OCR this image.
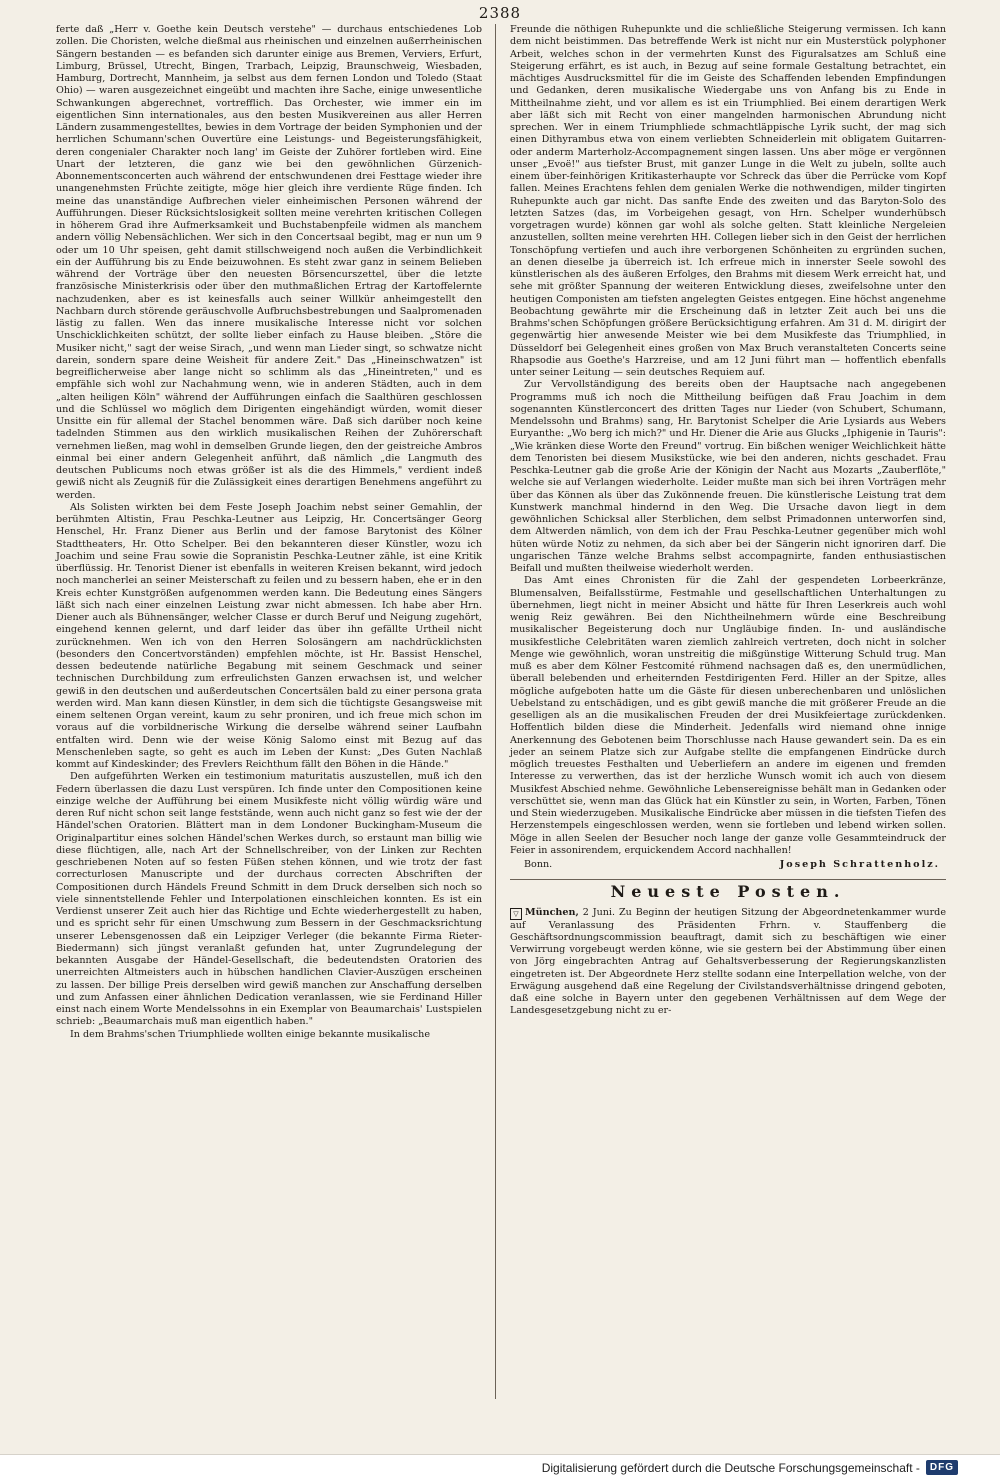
2388

ferte daß „Herr v. Goethe kein Deutsch verstehe" — durchaus entschiedenes Lob zollen. Die Choristen, welche dießmal aus rheinischen und einzelnen außerrheinischen Sängern bestanden — es befanden sich darunter einige aus Bremen, Verviers, Erfurt, Limburg, Brüssel, Utrecht, Bingen, Trarbach, Leipzig, Braunschweig, Wiesbaden, Hamburg, Dortrecht, Mannheim, ja selbst aus dem fernen London und Toledo (Staat Ohio) — waren ausgezeichnet eingeübt und machten ihre Sache, einige unwesentliche Schwankungen abgerechnet, vortrefflich. Das Orchester, wie immer ein im eigentlichen Sinn internationales, aus den besten Musikvereinen aus aller Herren Ländern zusammengestelltes, bewies in dem Vortrage der beiden Symphonien und der herrlichen Schumann'schen Ouvertüre eine Leistungs- und Begeisterungsfähigkeit, deren congenialer Charakter noch lang' im Geiste der Zuhörer fortleben wird. Eine Unart der letzteren, die ganz wie bei den gewöhnlichen Gürzenich-Abonnementsconcerten auch während der entschwundenen drei Festtage wieder ihre unangenehmsten Früchte zeitigte, möge hier gleich ihre verdiente Rüge finden. Ich meine das unanständige Aufbrechen vieler einheimischen Personen während der Aufführungen. Dieser Rücksichtslosigkeit sollten meine verehrten kritischen Collegen in höherem Grad ihre Aufmerksamkeit und Buchstabenpfeile widmen als manchem andern völlig Nebensächlichen. Wer sich in den Concertsaal begibt, mag er nun um 9 oder um 10 Uhr speisen, geht damit stillschweigend noch außen die Verbindlichkeit ein der Aufführung bis zu Ende beizuwohnen. Es steht zwar ganz in seinem Belieben während der Vorträge über den neuesten Börsencurszettel, über die letzte französische Ministerkrisis oder über den muthmaßlichen Ertrag der Kartoffelernte nachzudenken, aber es ist keinesfalls auch seiner Willkür anheimgestellt den Nachbarn durch störende geräuschvolle Aufbruchsbestrebungen und Saalpromenaden lästig zu fallen. Wen das innere musikalische Interesse nicht vor solchen Unschicklichkeiten schützt, der sollte lieber einfach zu Hause bleiben. „Störe die Musiker nicht," sagt der weise Sirach, „und wenn man Lieder singt, so schwatze nicht darein, sondern spare deine Weisheit für andere Zeit." Das „Hineinschwatzen" ist begreiflicherweise aber lange nicht so schlimm als das „Hineintreten," und es empfähle sich wohl zur Nachahmung wenn, wie in anderen Städten, auch in dem „alten heiligen Köln" während der Aufführungen einfach die Saalthüren geschlossen und die Schlüssel wo möglich dem Dirigenten eingehändigt würden, womit dieser Unsitte ein für allemal der Stachel benommen wäre. Daß sich darüber noch keine tadelnden Stimmen aus den wirklich musikalischen Reihen der Zuhörerschaft vernehmen ließen, mag wohl in demselben Grunde liegen, den der geistreiche Ambros einmal bei einer andern Gelegenheit anführt, daß nämlich „die Langmuth des deutschen Publicums noch etwas größer ist als die des Himmels," verdient indeß gewiß nicht als Zeugniß für die Zulässigkeit eines derartigen Benehmens angeführt zu werden.

Als Solisten wirkten bei dem Feste Joseph Joachim nebst seiner Gemahlin, der berühmten Altistin, Frau Peschka-Leutner aus Leipzig, Hr. Concertsänger Georg Henschel, Hr. Franz Diener aus Berlin und der famose Barytonist des Kölner Stadttheaters, Hr. Otto Schelper. Bei den bekannteren dieser Künstler, wozu ich Joachim und seine Frau sowie die Sopranistin Peschka-Leutner zähle, ist eine Kritik überflüssig. Hr. Tenorist Diener ist ebenfalls in weiteren Kreisen bekannt, wird jedoch noch mancherlei an seiner Meisterschaft zu feilen und zu bessern haben, ehe er in den Kreis echter Kunstgrößen aufgenommen werden kann. Die Bedeutung eines Sängers läßt sich nach einer einzelnen Leistung zwar nicht abmessen. Ich habe aber Hrn. Diener auch als Bühnensänger, welcher Classe er durch Beruf und Neigung zugehört, eingehend kennen gelernt, und darf leider das über ihn gefällte Urtheil nicht zurücknehmen. Wen ich von den Herren Solosängern am nachdrücklichsten (besonders den Concertvorständen) empfehlen möchte, ist Hr. Bassist Henschel, dessen bedeutende natürliche Begabung mit seinem Geschmack und seiner technischen Durchbildung zum erfreulichsten Ganzen erwachsen ist, und welcher gewiß in den deutschen und außerdeutschen Concertsälen bald zu einer persona grata werden wird. Man kann diesen Künstler, in dem sich die tüchtigste Gesangsweise mit einem seltenen Organ vereint, kaum zu sehr proniren, und ich freue mich schon im voraus auf die vorbildnerische Wirkung die derselbe während seiner Laufbahn entfalten wird. Denn wie der weise König Salomo einst mit Bezug auf das Menschenleben sagte, so geht es auch im Leben der Kunst: „Des Guten Nachlaß kommt auf Kindeskinder; des Frevlers Reichthum fällt den Böhen in die Hände."

Den aufgeführten Werken ein testimonium maturitatis auszustellen, muß ich den Federn überlassen die dazu Lust verspüren. Ich finde unter den Compositionen keine einzige welche der Aufführung bei einem Musikfeste nicht völlig würdig wäre und deren Ruf nicht schon seit lange feststände, wenn auch nicht ganz so fest wie der der Händel'schen Oratorien. Blättert man in dem Londoner Buckingham-Museum die Originalpartitur eines solchen Händel'schen Werkes durch, so erstaunt man billig wie diese flüchtigen, alle, nach Art der Schnellschreiber, von der Linken zur Rechten geschriebenen Noten auf so festen Füßen stehen können, und wie trotz der fast correcturlosen Manuscripte und der durchaus correcten Abschriften der Compositionen durch Händels Freund Schmitt in dem Druck derselben sich noch so viele sinnentstellende Fehler und Interpolationen einschleichen konnten. Es ist ein Verdienst unserer Zeit auch hier das Richtige und Echte wiederhergestellt zu haben, und es spricht sehr für einen Umschwung zum Bessern in der Geschmacksrichtung unserer Lebensgenossen daß ein Leipziger Verleger (die bekannte Firma Rieter-Biedermann) sich jüngst veranlaßt gefunden hat, unter Zugrundelegung der bekannten Ausgabe der Händel-Gesellschaft, die bedeutendsten Oratorien des unerreichten Altmeisters auch in hübschen handlichen Clavier-Auszügen erscheinen zu lassen. Der billige Preis derselben wird gewiß manchen zur Anschaffung derselben und zum Anfassen einer ähnlichen Dedication veranlassen, wie sie Ferdinand Hiller einst nach einem Worte Mendelssohns in ein Exemplar von Beaumarchais' Lustspielen schrieb: „Beaumarchais muß man eigentlich haben."

In dem Brahms'schen Triumphliede wollten einige bekannte musikalische

Freunde die nöthigen Ruhepunkte und die schließliche Steigerung vermissen. Ich kann dem nicht beistimmen. Das betreffende Werk ist nicht nur ein Musterstück polyphoner Arbeit, welches schon in der vermehrten Kunst des Figuralsatzes am Schluß eine Steigerung erfährt, es ist auch, in Bezug auf seine formale Gestaltung betrachtet, ein mächtiges Ausdrucksmittel für die im Geiste des Schaffenden lebenden Empfindungen und Gedanken, deren musikalische Wiedergabe uns von Anfang bis zu Ende in Mittheilnahme zieht, und vor allem es ist ein Triumphlied. Bei einem derartigen Werk aber läßt sich mit Recht von einer mangelnden harmonischen Abrundung nicht sprechen. Wer in einem Triumphliede schmachtläppische Lyrik sucht, der mag sich einen Dithyrambus etwa von einem verliebten Schneiderlein mit obligatem Guitarren- oder anderm Marterholz-Accompagnement singen lassen. Uns aber möge er vergönnen unser „Evoë!" aus tiefster Brust, mit ganzer Lunge in die Welt zu jubeln, sollte auch einem über-feinhörigen Kritikasterhaupte vor Schreck das über die Perrücke vom Kopf fallen. Meines Erachtens fehlen dem genialen Werke die nothwendigen, milder tingirten Ruhepunkte auch gar nicht. Das sanfte Ende des zweiten und das Baryton-Solo des letzten Satzes (das, im Vorbeigehen gesagt, von Hrn. Schelper wunderhübsch vorgetragen wurde) können gar wohl als solche gelten. Statt kleinliche Nergeleien anzustellen, sollten meine verehrten HH. Collegen lieber sich in den Geist der herrlichen Tonschöpfung vertiefen und auch ihre verborgenen Schönheiten zu ergründen suchen, an denen dieselbe ja überreich ist. Ich erfreue mich in innerster Seele sowohl des künstlerischen als des äußeren Erfolges, den Brahms mit diesem Werk erreicht hat, und sehe mit größter Spannung der weiteren Entwicklung dieses, zweifelsohne unter den heutigen Componisten am tiefsten angelegten Geistes entgegen. Eine höchst angenehme Beobachtung gewährte mir die Erscheinung daß in letzter Zeit auch bei uns die Brahms'schen Schöpfungen größere Berücksichtigung erfahren. Am 31 d. M. dirigirt der gegenwärtig hier anwesende Meister wie bei dem Musikfeste das Triumphlied, in Düsseldorf bei Gelegenheit eines großen von Max Bruch veranstalteten Concerts seine Rhapsodie aus Goethe's Harzreise, und am 12 Juni führt man — hoffentlich ebenfalls unter seiner Leitung — sein deutsches Requiem auf.

Zur Vervollständigung des bereits oben der Hauptsache nach angegebenen Programms muß ich noch die Mittheilung beifügen daß Frau Joachim in dem sogenannten Künstlerconcert des dritten Tages nur Lieder (von Schubert, Schumann, Mendelssohn und Brahms) sang, Hr. Barytonist Schelper die Arie Lysiards aus Webers Euryanthe: „Wo berg ich mich?" und Hr. Diener die Arie aus Glucks „Iphigenie in Tauris": „Wie kränken diese Worte den Freund" vortrug. Ein bißchen weniger Weichlichkeit hätte dem Tenoristen bei diesem Musikstücke, wie bei den anderen, nichts geschadet. Frau Peschka-Leutner gab die große Arie der Königin der Nacht aus Mozarts „Zauberflöte," welche sie auf Verlangen wiederholte. Leider mußte man sich bei ihren Vorträgen mehr über das Können als über das Zukönnende freuen. Die künstlerische Leistung trat dem Kunstwerk manchmal hindernd in den Weg. Die Ursache davon liegt in dem gewöhnlichen Schicksal aller Sterblichen, dem selbst Primadonnen unterworfen sind, dem Altwerden nämlich, von dem ich der Frau Peschka-Leutner gegenüber mich wohl hüten würde Notiz zu nehmen, da sich aber bei der Sängerin nicht ignoriren darf. Die ungarischen Tänze welche Brahms selbst accompagnirte, fanden enthusiastischen Beifall und mußten theilweise wiederholt werden.

Das Amt eines Chronisten für die Zahl der gespendeten Lorbeerkränze, Blumensalven, Beifallsstürme, Festmahle und gesellschaftlichen Unterhaltungen zu übernehmen, liegt nicht in meiner Absicht und hätte für Ihren Leserkreis auch wohl wenig Reiz gewähren. Bei den Nichtheilnehmern würde eine Beschreibung musikalischer Begeisterung doch nur Ungläubige finden. In- und ausländische musikfestliche Celebritäten waren ziemlich zahlreich vertreten, doch nicht in solcher Menge wie gewöhnlich, woran unstreitig die mißgünstige Witterung Schuld trug. Man muß es aber dem Kölner Festcomité rühmend nachsagen daß es, den unermüdlichen, überall belebenden und erheiternden Festdirigenten Ferd. Hiller an der Spitze, alles mögliche aufgeboten hatte um die Gäste für diesen unberechenbaren und unlöslichen Uebelstand zu entschädigen, und es gibt gewiß manche die mit größerer Freude an die geselligen als an die musikalischen Freuden der drei Musikfeiertage zurückdenken. Hoffentlich bilden diese die Minderheit. Jedenfalls wird niemand ohne innige Anerkennung des Gebotenen beim Thorschlusse nach Hause gewandert sein. Da es ein jeder an seinem Platze sich zur Aufgabe stellte die empfangenen Eindrücke durch möglich treuestes Festhalten und Ueberliefern an andere im eigenen und fremden Interesse zu verwerthen, das ist der herzliche Wunsch womit ich auch von diesem Musikfest Abschied nehme. Gewöhnliche Lebensereignisse behält man in Gedanken oder verschüttet sie, wenn man das Glück hat ein Künstler zu sein, in Worten, Farben, Tönen und Stein wiederzugeben. Musikalische Eindrücke aber müssen in die tiefsten Tiefen des Herzenstempels eingeschlossen werden, wenn sie fortleben und lebend wirken sollen. Möge in allen Seelen der Besucher noch lange der ganze volle Gesammteindruck der Feier in assonirendem, erquickendem Accord nachhallen!

Bonn.	Joseph Schrattenholz.
Neueste Posten.

▽ München, 2 Juni. Zu Beginn der heutigen Sitzung der Abgeordnetenkammer wurde auf Veranlassung des Präsidenten Frhrn. v. Stauffenberg die Geschäftsordnungscommission beauftragt, damit sich zu beschäftigen wie einer Verwirrung vorgebeugt werden könne, wie sie gestern bei der Abstimmung über einen von Jörg eingebrachten Antrag auf Gehaltsverbesserung der Regierungskanzlisten eingetreten ist. Der Abgeordnete Herz stellte sodann eine Interpellation welche, von der Erwägung ausgehend daß eine Regelung der Civilstandsverhältnisse dringend geboten, daß eine solche in Bayern unter den gegebenen Verhältnissen auf dem Wege der Landesgesetzgebung nicht zu er-

Digitalisierung gefördert durch die Deutsche Forschungsgemeinschaft -	DFG
